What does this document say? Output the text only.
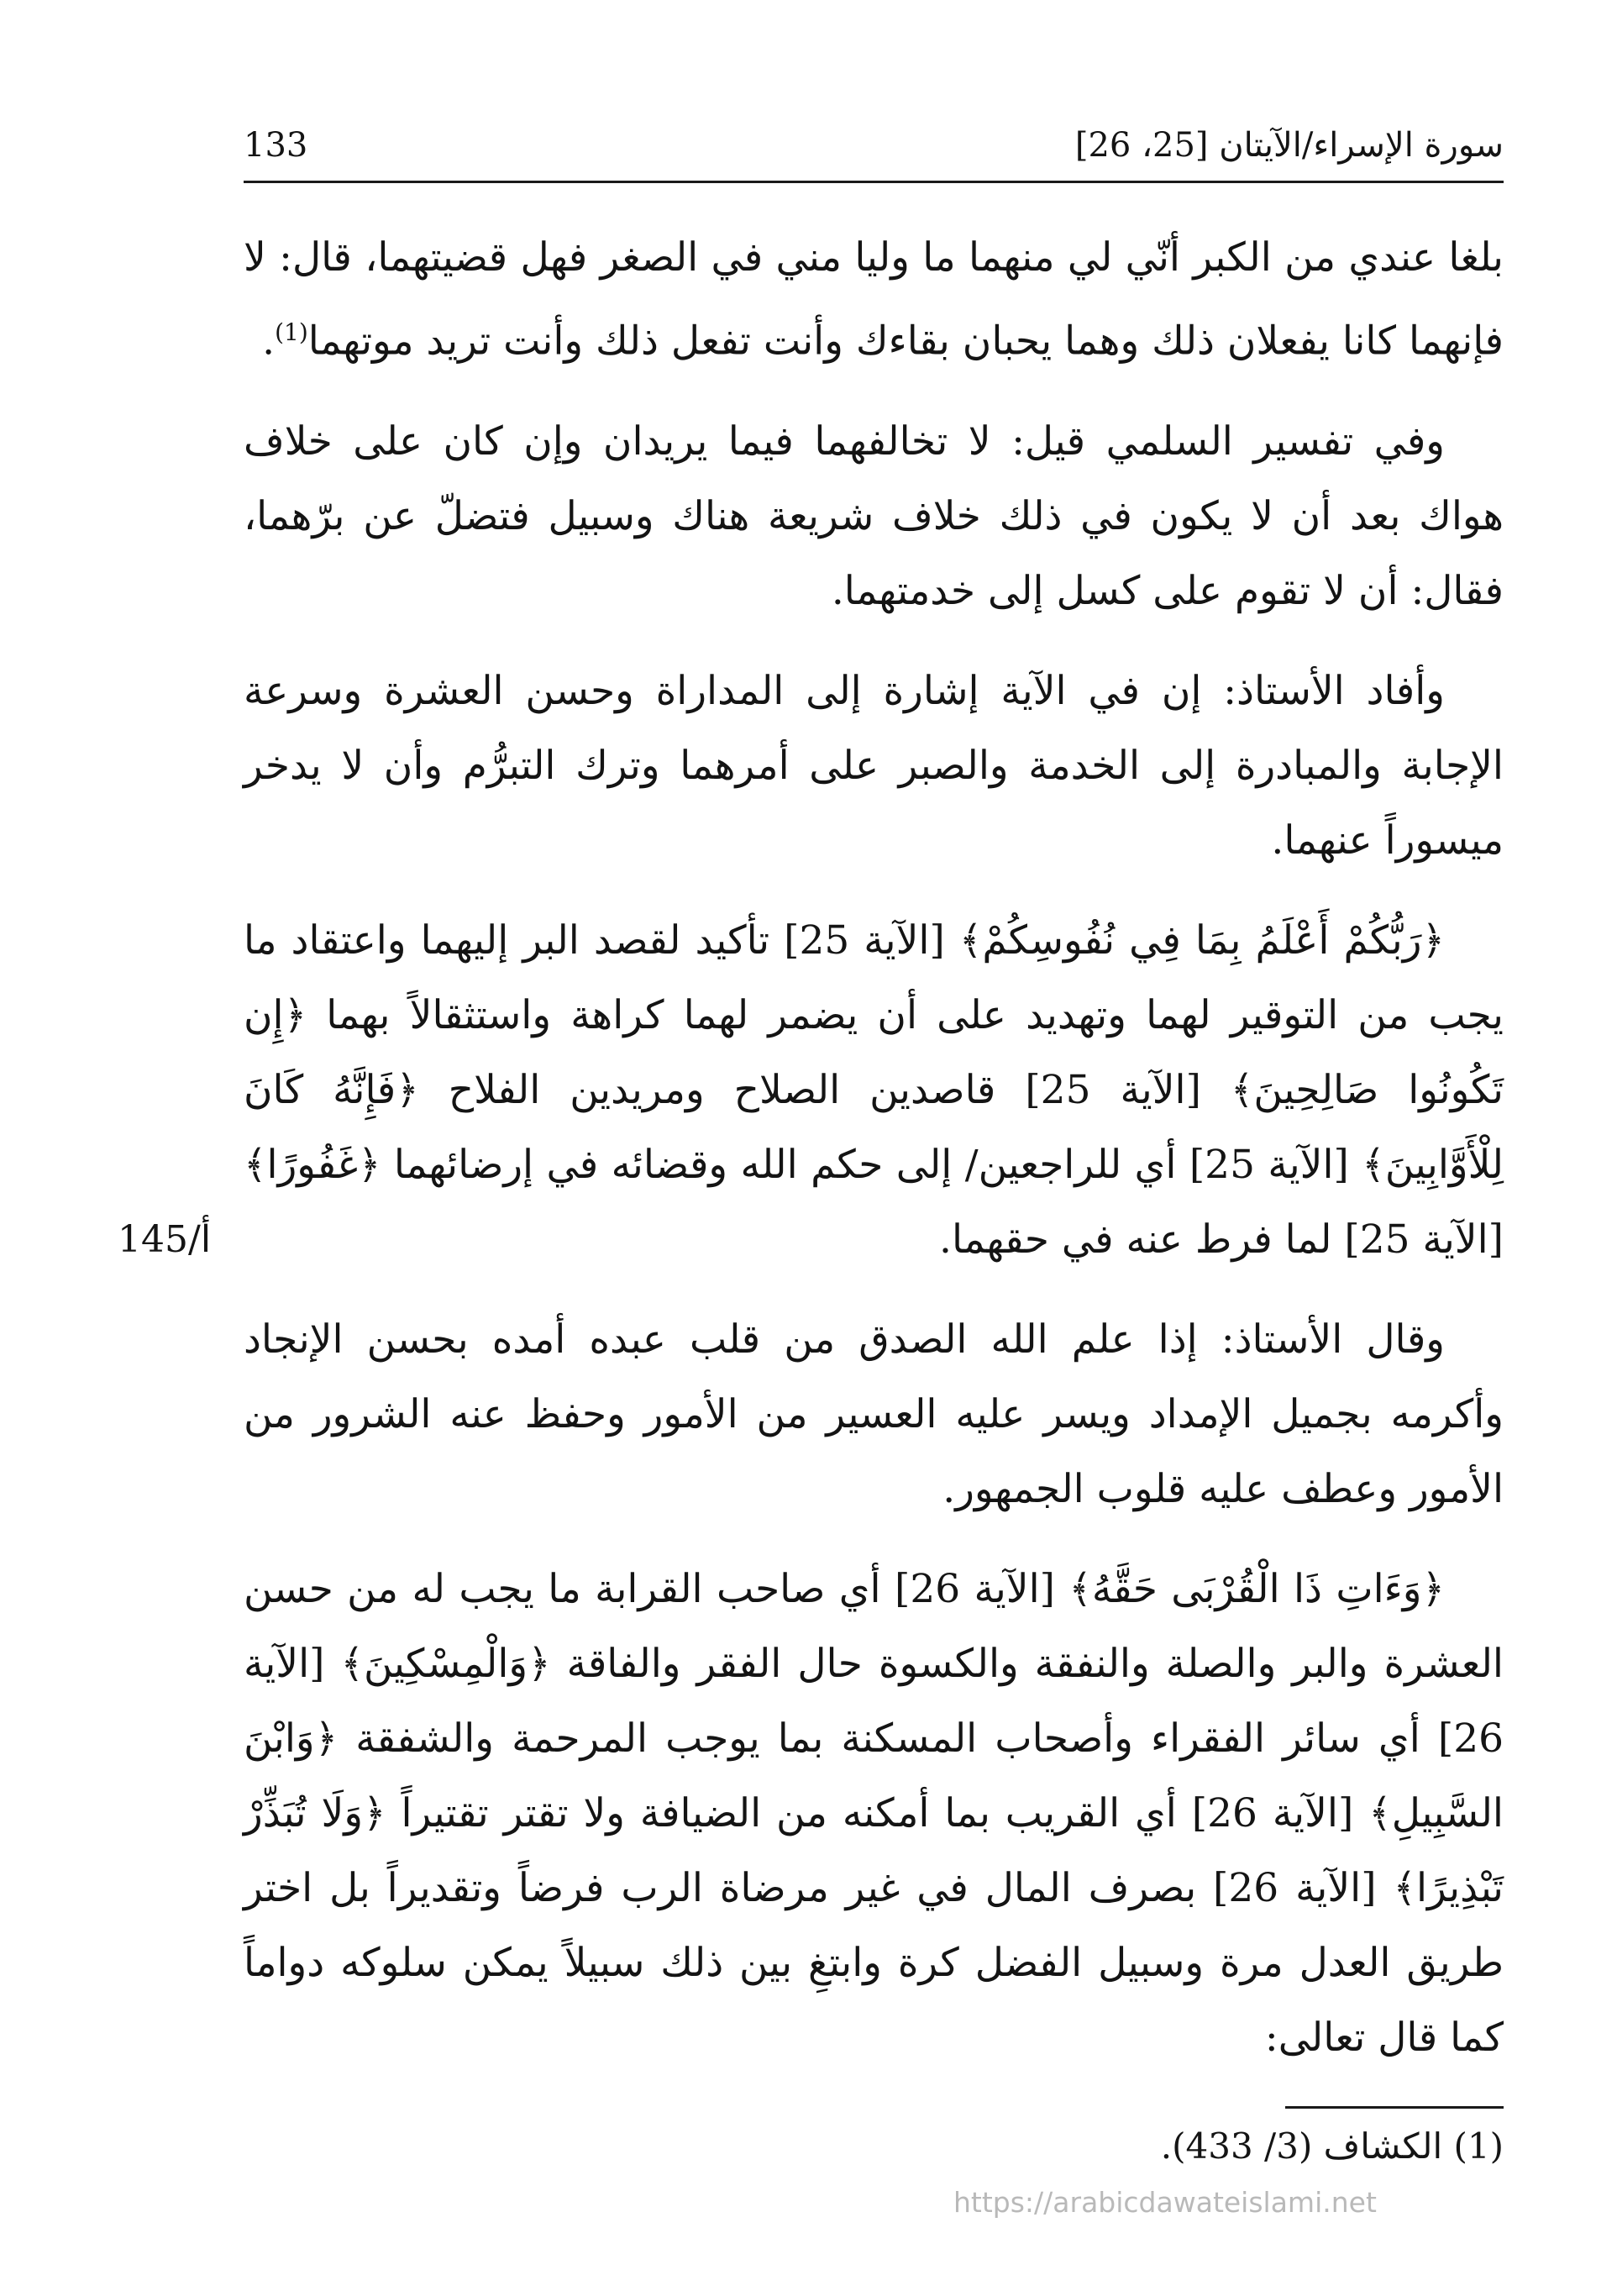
سورة الإسراء/الآيتان [25، 26]
133

بلغا عندي من الكبر أنّي لي منهما ما وليا مني في الصغر فهل قضيتهما، قال: لا فإنهما كانا يفعلان ذلك وهما يحبان بقاءك وأنت تفعل ذلك وأنت تريد موتهما$^{(1)}$.

وفي تفسير السلمي قيل: لا تخالفهما فيما يريدان وإن كان على خلاف هواك بعد أن لا يكون في ذلك خلاف شريعة هناك وسبيل فتضلّ عن برّهما، فقال: أن لا تقوم على كسل إلى خدمتهما.

وأفاد الأستاذ: إن في الآية إشارة إلى المداراة وحسن العشرة وسرعة الإجابة والمبادرة إلى الخدمة والصبر على أمرهما وترك التبرُّم وأن لا يدخر ميسوراً عنهما.

﴿رَبُّكُمْ أَعْلَمُ بِمَا فِي نُفُوسِكُمْ﴾ [الآية 25] تأكيد لقصد البر إليهما واعتقاد ما يجب من التوقير لهما وتهديد على أن يضمر لهما كراهة واستثقالاً بهما ﴿إِن تَكُونُوا صَالِحِينَ﴾ [الآية 25] قاصدين الصلاح ومريدين الفلاح ﴿فَإِنَّهُ كَانَ لِلْأَوَّابِينَ﴾ [الآية 25] أي للراجعين/ إلى حكم الله وقضائه في إرضائهما ﴿غَفُورًا﴾ [الآية 25] لما فرط عنه في حقهما.

وقال الأستاذ: إذا علم الله الصدق من قلب عبده أمده بحسن الإنجاد وأكرمه بجميل الإمداد ويسر عليه العسير من الأمور وحفظ عنه الشرور من الأمور وعطف عليه قلوب الجمهور.

﴿وَءَاتِ ذَا الْقُرْبَى حَقَّهُ﴾ [الآية 26] أي صاحب القرابة ما يجب له من حسن العشرة والبر والصلة والنفقة والكسوة حال الفقر والفاقة ﴿وَالْمِسْكِينَ﴾ [الآية 26] أي سائر الفقراء وأصحاب المسكنة بما يوجب المرحمة والشفقة ﴿وَابْنَ السَّبِيلِ﴾ [الآية 26] أي القريب بما أمكنه من الضيافة ولا تقتر تقتيراً ﴿وَلَا تُبَذِّرْ تَبْذِيرًا﴾ [الآية 26] بصرف المال في غير مرضاة الرب فرضاً وتقديراً بل اختر طريق العدل مرة وسبيل الفضل كرة وابتغِ بين ذلك سبيلاً يمكن سلوكه دواماً كما قال تعالى:

145/أ
(1) الكشاف (3/ 433).
https://arabicdawateislami.net
